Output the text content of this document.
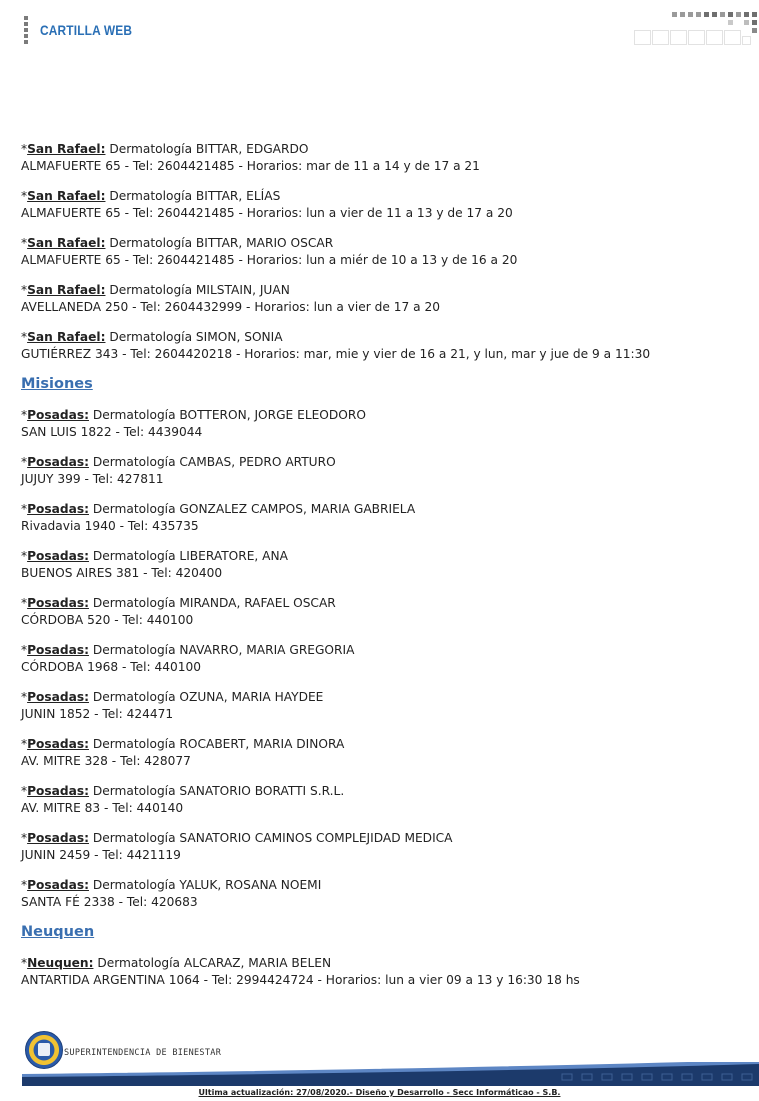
CARTILLA WEB
*San Rafael: Dermatología BITTAR, EDGARDO
ALMAFUERTE 65 - Tel: 2604421485 - Horarios: mar de 11 a 14 y de 17 a 21
*San Rafael: Dermatología BITTAR, ELÍAS
ALMAFUERTE 65 - Tel: 2604421485 - Horarios: lun a vier de 11 a 13 y de 17 a 20
*San Rafael: Dermatología BITTAR, MARIO OSCAR
ALMAFUERTE 65 - Tel: 2604421485 - Horarios: lun a miér de 10 a 13 y de 16 a 20
*San Rafael: Dermatología MILSTAIN, JUAN
AVELLANEDA 250 - Tel: 2604432999 - Horarios: lun a vier de 17 a 20
*San Rafael: Dermatología SIMON, SONIA
GUTIÉRREZ 343 - Tel: 2604420218 - Horarios: mar, mie y vier de 16 a 21, y lun, mar y jue de 9 a 11:30
Misiones
*Posadas: Dermatología BOTTERON, JORGE ELEODORO
SAN LUIS 1822 - Tel: 4439044
*Posadas: Dermatología CAMBAS, PEDRO ARTURO
JUJUY 399 - Tel: 427811
*Posadas: Dermatología GONZALEZ CAMPOS, MARIA GABRIELA
Rivadavia 1940 - Tel: 435735
*Posadas: Dermatología LIBERATORE, ANA
BUENOS AIRES 381 - Tel: 420400
*Posadas: Dermatología MIRANDA, RAFAEL OSCAR
CÓRDOBA 520 - Tel: 440100
*Posadas: Dermatología NAVARRO, MARIA GREGORIA
CÓRDOBA 1968 - Tel: 440100
*Posadas: Dermatología OZUNA, MARIA HAYDEE
JUNIN 1852 - Tel: 424471
*Posadas: Dermatología ROCABERT, MARIA DINORA
AV. MITRE 328 - Tel: 428077
*Posadas: Dermatología SANATORIO BORATTI S.R.L.
AV. MITRE 83 - Tel: 440140
*Posadas: Dermatología SANATORIO CAMINOS COMPLEJIDAD MEDICA
JUNIN 2459 - Tel: 4421119
*Posadas: Dermatología YALUK, ROSANA NOEMI
SANTA FÉ 2338 - Tel: 420683
Neuquen
*Neuquen: Dermatología ALCARAZ, MARIA BELEN
ANTARTIDA ARGENTINA 1064 - Tel: 2994424724 - Horarios: lun a vier 09 a 13 y 16:30 18 hs
SUPERINTENDENCIA DE BIENESTAR
Ultima actualización: 27/08/2020.- Diseño y Desarrollo - Secc Informáticao - S.B.
